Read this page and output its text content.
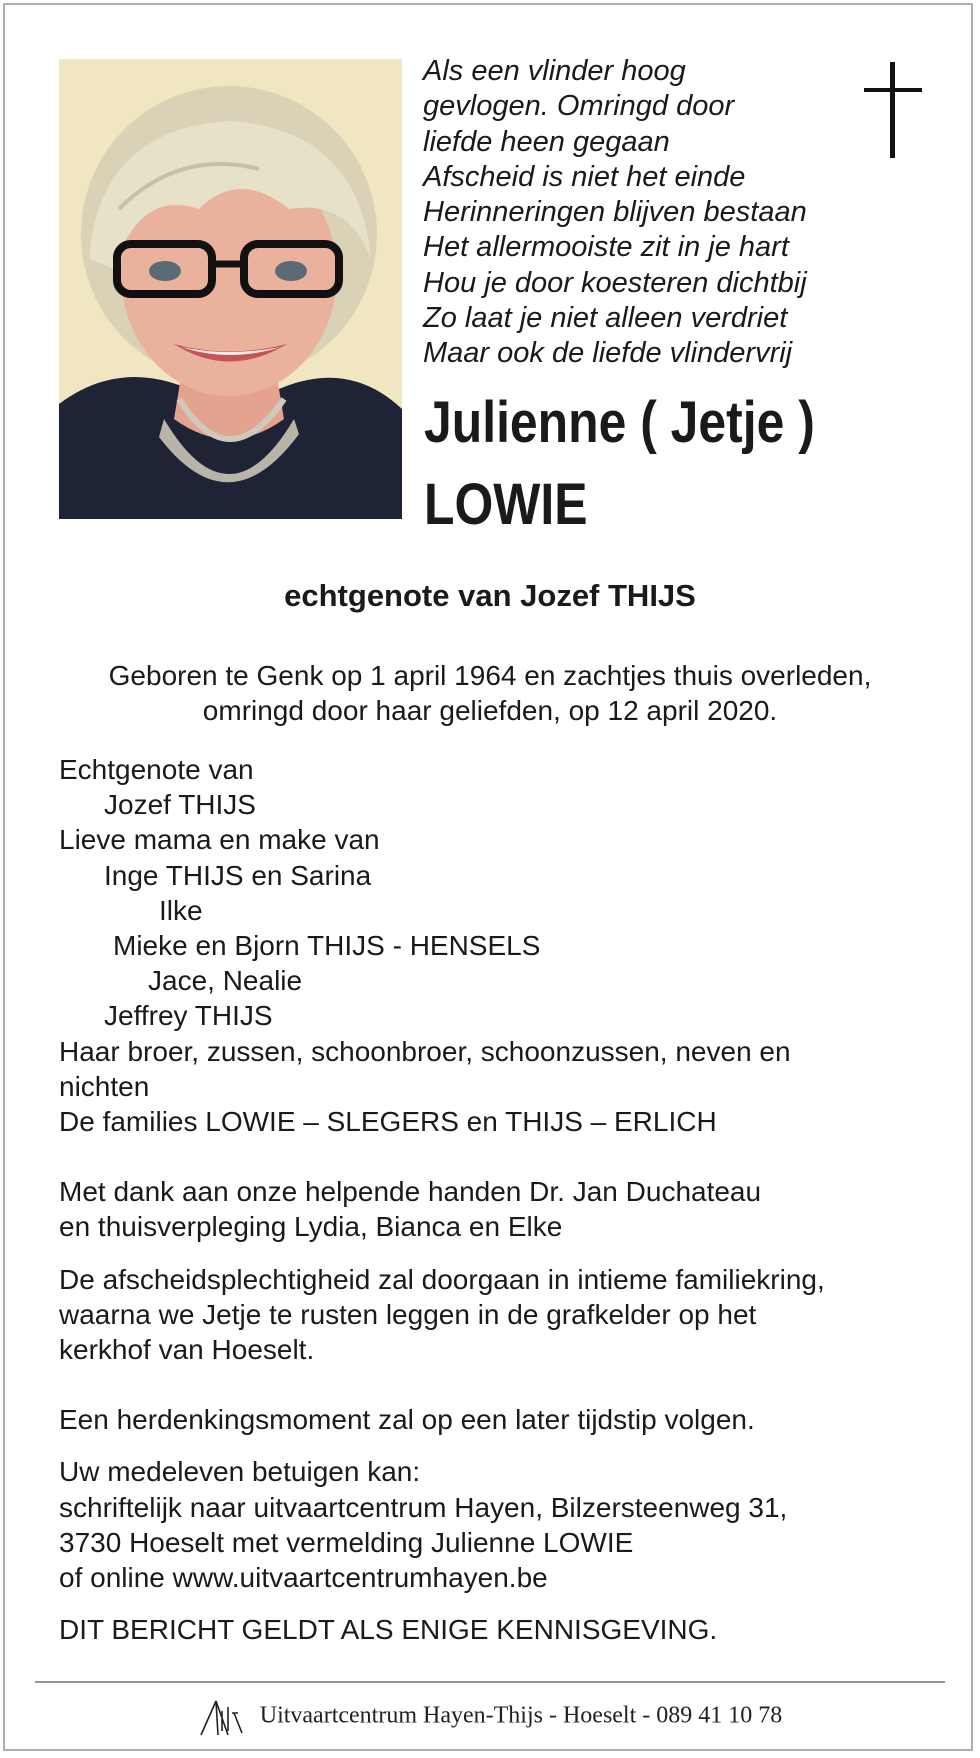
Als een vlinder hoog
gevlogen. Omringd door
liefde heen gegaan
Afscheid is niet het einde
Herinneringen blijven bestaan
Het allermooiste zit in je hart
Hou je door koesteren dichtbij
Zo laat je niet alleen verdriet
Maar ook de liefde vlindervrij
Julienne ( Jetje )
LOWIE
echtgenote van Jozef THIJS
Geboren te Genk op 1 april 1964 en zachtjes thuis overleden,
omringd door haar geliefden, op 12 april 2020.
Echtgenote van
Jozef THIJS
Lieve mama en make van
Inge THIJS en Sarina
Ilke
Mieke en Bjorn THIJS - HENSELS
Jace, Nealie
Jeffrey THIJS
Haar broer, zussen, schoonbroer, schoonzussen, neven en
nichten
De families LOWIE – SLEGERS en THIJS – ERLICH
Met dank aan onze helpende handen Dr. Jan Duchateau
en thuisverpleging Lydia, Bianca en Elke
De afscheidsplechtigheid zal doorgaan in intieme familiekring,
waarna we Jetje te rusten leggen in de grafkelder op het
kerkhof van Hoeselt.
Een herdenkingsmoment zal op een later tijdstip volgen.
Uw medeleven betuigen kan:
schriftelijk naar uitvaartcentrum Hayen, Bilzersteenweg 31,
3730 Hoeselt met vermelding Julienne LOWIE
of online www.uitvaartcentrumhayen.be
DIT BERICHT GELDT ALS ENIGE KENNISGEVING.
Uitvaartcentrum Hayen-Thijs - Hoeselt - 089 41 10 78
